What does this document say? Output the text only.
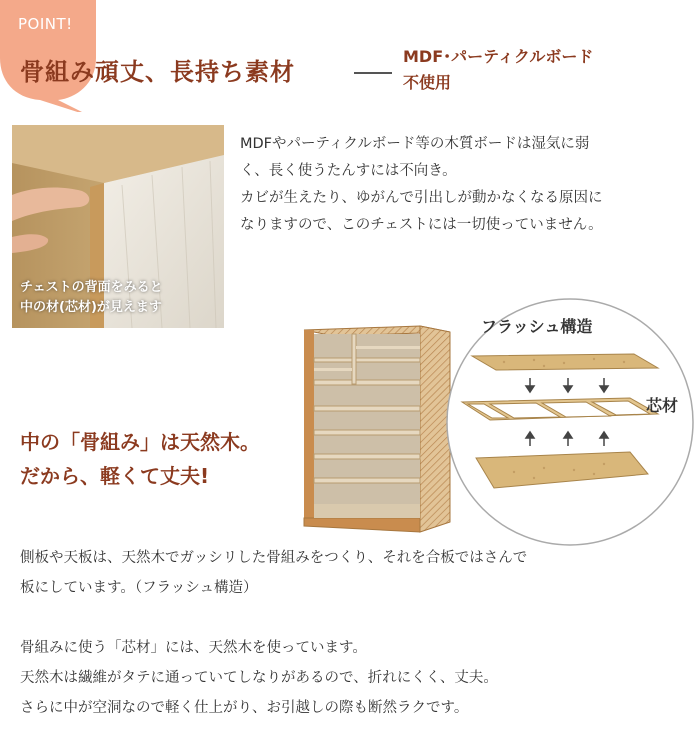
POINT!
骨組み頑丈、長持ち素材
MDF･パーティクルボード
不使用
チェストの背面をみると
中の材(芯材)が見えます
MDFやパーティクルボード等の木質ボードは湿気に弱
く、長く使うたんすには不向き。
カビが生えたり、ゆがんで引出しが動かなくなる原因に
なりますので、このチェストには一切使っていません。
フラッシュ構造
芯材
中の「骨組み」は天然木。
だから、軽くて丈夫!
側板や天板は、天然木でガッシリした骨組みをつくり、それを合板ではさんで
板にしています。（フラッシュ構造）
骨組みに使う「芯材」には、天然木を使っています。
天然木は繊維がタテに通っていてしなりがあるので、折れにくく、丈夫。
さらに中が空洞なので軽く仕上がり、お引越しの際も断然ラクです。
